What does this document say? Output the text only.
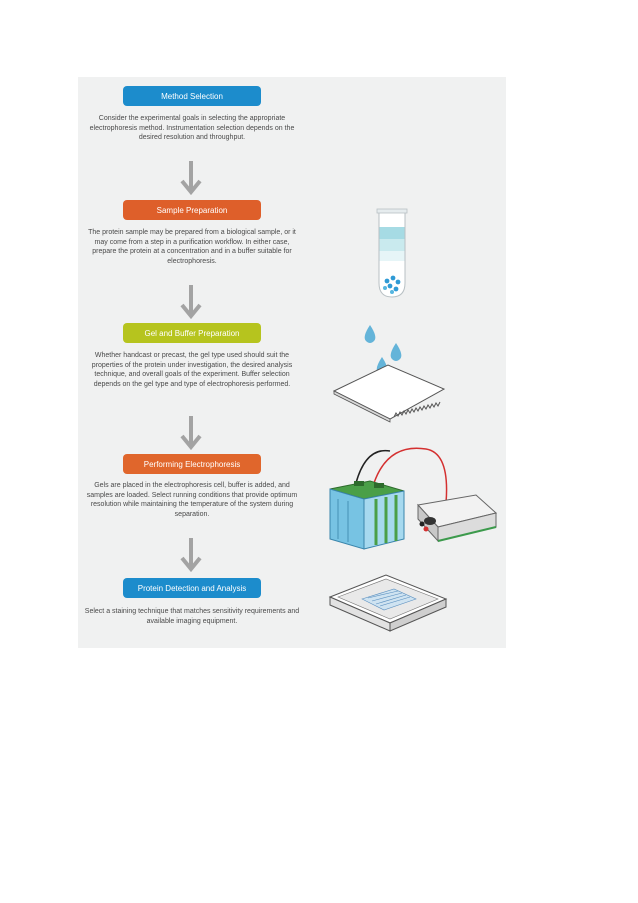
Method Selection
Consider the experimental goals in selecting the appropriate electrophoresis method. Instrumentation selection depends on the desired resolution and throughput.
Sample Preparation
The protein sample may be prepared from a biological sample, or it may come from a step in a purification workflow. In either case, prepare the protein at a concentration and in a buffer suitable for electrophoresis.
Gel and Buffer Preparation
Whether handcast or precast, the gel type used should suit the properties of the protein under investigation, the desired analysis technique, and overall goals of the experiment. Buffer selection depends on the gel type and type of electrophoresis performed.
Performing Electrophoresis
Gels are placed in the electrophoresis cell, buffer is added, and samples are loaded. Select running conditions that provide optimum resolution while maintaining the temperature of the system during separation.
Protein Detection and Analysis
Select a staining technique that matches sensitivity requirements and available imaging equipment.
